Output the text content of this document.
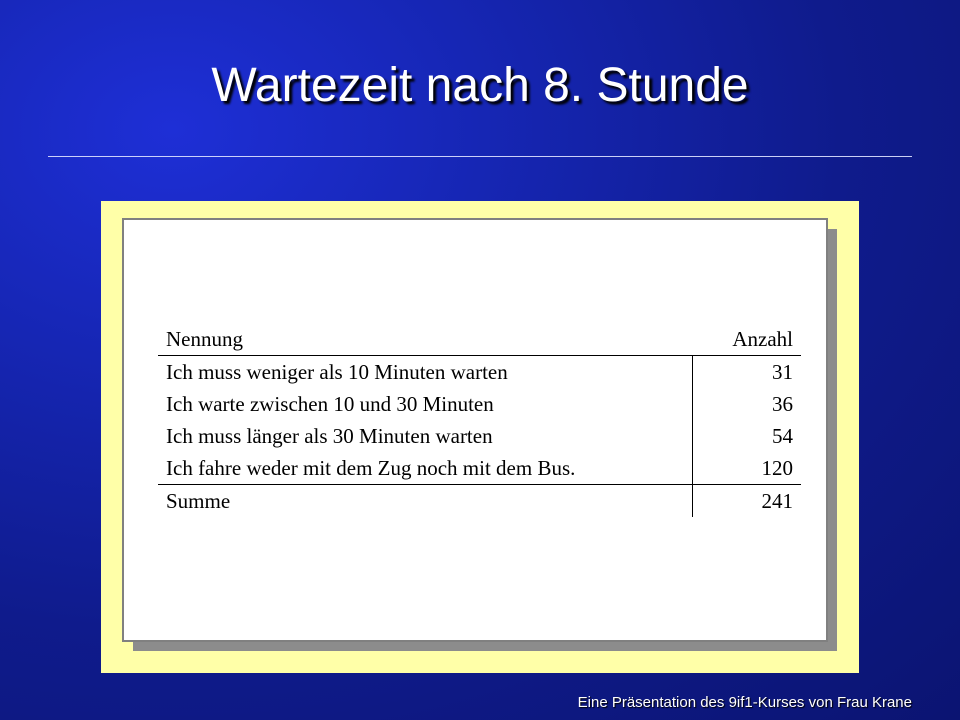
Wartezeit nach 8. Stunde
Nennung	Anzahl
Ich muss weniger als 10 Minuten warten	31
Ich warte zwischen 10 und 30 Minuten	36
Ich muss länger als 30 Minuten warten	54
Ich fahre weder mit dem Zug noch mit dem Bus.	120
Summe	241
Eine Präsentation des 9if1-Kurses von Frau Krane
